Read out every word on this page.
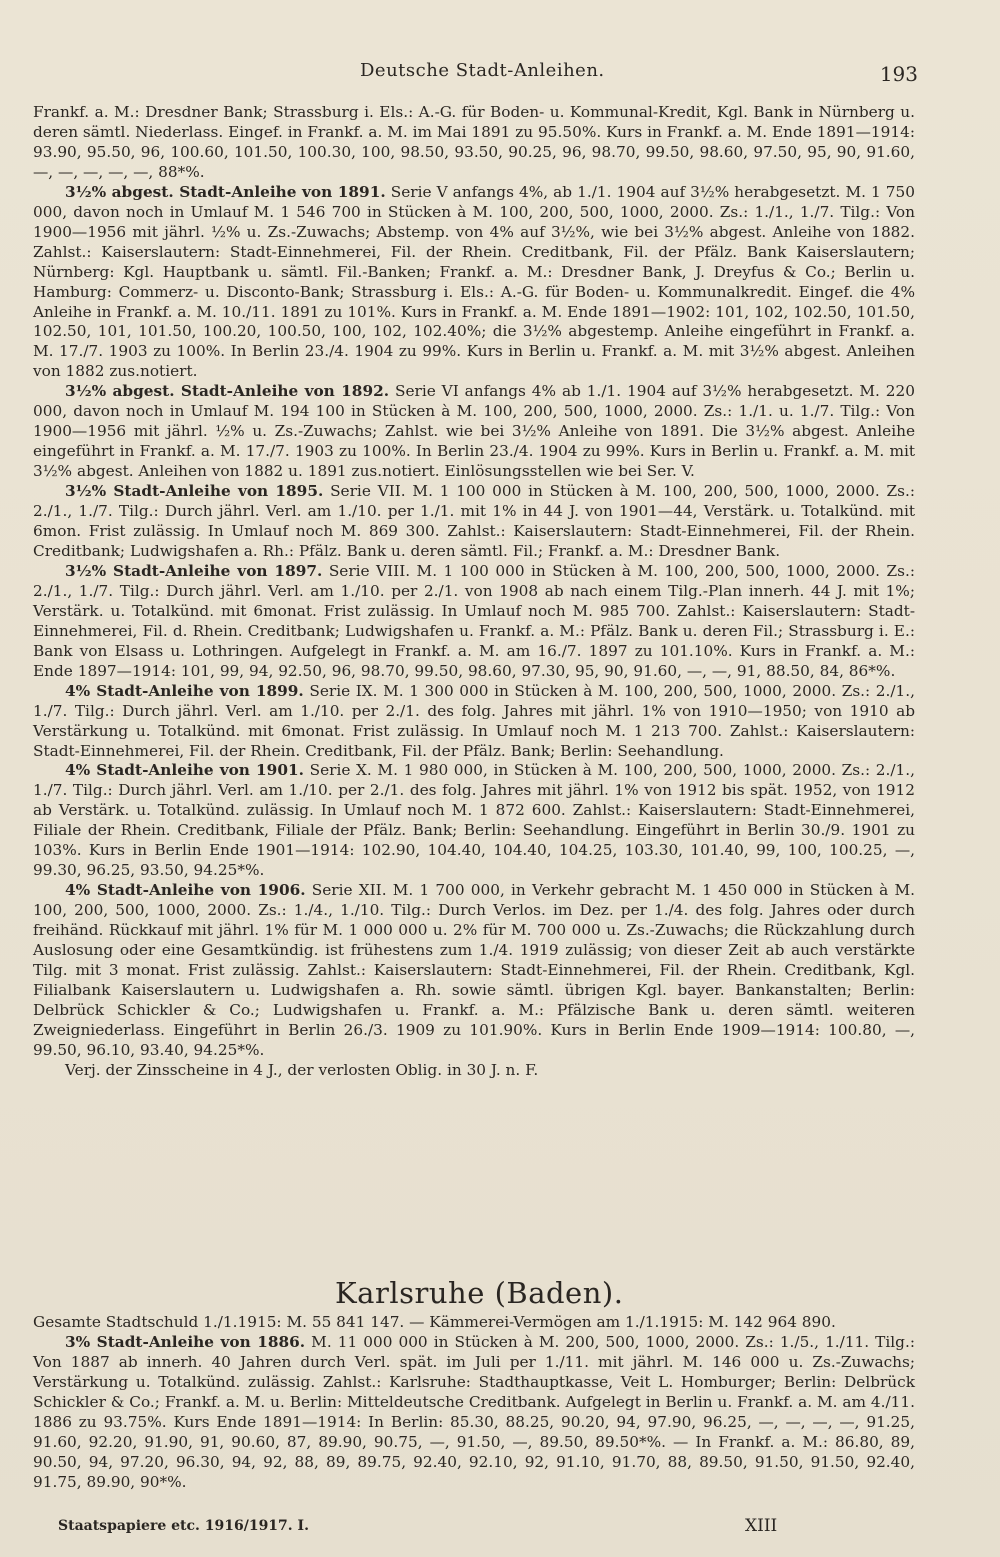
Deutsche Stadt-Anleihen.	193

Frankf. a. M.: Dresdner Bank; Strassburg i. Els.: A.-G. für Boden- u. Kommunal-Kredit, Kgl. Bank in Nürnberg u. deren sämtl. Niederlass. Eingef. in Frankf. a. M. im Mai 1891 zu 95.50%. Kurs in Frankf. a. M. Ende 1891—1914: 93.90, 95.50, 96, 100.60, 101.50, 100.30, 100, 98.50, 93.50, 90.25, 96, 98.70, 99.50, 98.60, 97.50, 95, 90, 91.60, —, —, —, —, —, 88*%.

3½% abgest. Stadt-Anleihe von 1891. Serie V anfangs 4%, ab 1./1. 1904 auf 3½% herabgesetzt. M. 1 750 000, davon noch in Umlauf M. 1 546 700 in Stücken à M. 100, 200, 500, 1000, 2000. Zs.: 1./1., 1./7. Tilg.: Von 1900—1956 mit jährl. ½% u. Zs.-Zuwachs; Abstemp. von 4% auf 3½%, wie bei 3½% abgest. Anleihe von 1882. Zahlst.: Kaiserslautern: Stadt-Einnehmerei, Fil. der Rhein. Creditbank, Fil. der Pfälz. Bank Kaiserslautern; Nürnberg: Kgl. Hauptbank u. sämtl. Fil.-Banken; Frankf. a. M.: Dresdner Bank, J. Dreyfus & Co.; Berlin u. Hamburg: Commerz- u. Disconto-Bank; Strassburg i. Els.: A.-G. für Boden- u. Kommunalkredit. Eingef. die 4% Anleihe in Frankf. a. M. 10./11. 1891 zu 101%. Kurs in Frankf. a. M. Ende 1891—1902: 101, 102, 102.50, 101.50, 102.50, 101, 101.50, 100.20, 100.50, 100, 102, 102.40%; die 3½% abgestemp. Anleihe eingeführt in Frankf. a. M. 17./7. 1903 zu 100%. In Berlin 23./4. 1904 zu 99%. Kurs in Berlin u. Frankf. a. M. mit 3½% abgest. Anleihen von 1882 zus.notiert.

3½% abgest. Stadt-Anleihe von 1892. Serie VI anfangs 4% ab 1./1. 1904 auf 3½% herabgesetzt. M. 220 000, davon noch in Umlauf M. 194 100 in Stücken à M. 100, 200, 500, 1000, 2000. Zs.: 1./1. u. 1./7. Tilg.: Von 1900—1956 mit jährl. ½% u. Zs.-Zuwachs; Zahlst. wie bei 3½% Anleihe von 1891. Die 3½% abgest. Anleihe eingeführt in Frankf. a. M. 17./7. 1903 zu 100%. In Berlin 23./4. 1904 zu 99%. Kurs in Berlin u. Frankf. a. M. mit 3½% abgest. Anleihen von 1882 u. 1891 zus.notiert. Einlösungsstellen wie bei Ser. V.

3½% Stadt-Anleihe von 1895. Serie VII. M. 1 100 000 in Stücken à M. 100, 200, 500, 1000, 2000. Zs.: 2./1., 1./7. Tilg.: Durch jährl. Verl. am 1./10. per 1./1. mit 1% in 44 J. von 1901—44, Verstärk. u. Totalkünd. mit 6mon. Frist zulässig. In Umlauf noch M. 869 300. Zahlst.: Kaiserslautern: Stadt-Einnehmerei, Fil. der Rhein. Creditbank; Ludwigshafen a. Rh.: Pfälz. Bank u. deren sämtl. Fil.; Frankf. a. M.: Dresdner Bank.

3½% Stadt-Anleihe von 1897. Serie VIII. M. 1 100 000 in Stücken à M. 100, 200, 500, 1000, 2000. Zs.: 2./1., 1./7. Tilg.: Durch jährl. Verl. am 1./10. per 2./1. von 1908 ab nach einem Tilg.-Plan innerh. 44 J. mit 1%; Verstärk. u. Totalkünd. mit 6monat. Frist zulässig. In Umlauf noch M. 985 700. Zahlst.: Kaiserslautern: Stadt-Einnehmerei, Fil. d. Rhein. Creditbank; Ludwigshafen u. Frankf. a. M.: Pfälz. Bank u. deren Fil.; Strassburg i. E.: Bank von Elsass u. Lothringen. Aufgelegt in Frankf. a. M. am 16./7. 1897 zu 101.10%. Kurs in Frankf. a. M.: Ende 1897—1914: 101, 99, 94, 92.50, 96, 98.70, 99.50, 98.60, 97.30, 95, 90, 91.60, —, —, 91, 88.50, 84, 86*%.

4% Stadt-Anleihe von 1899. Serie IX. M. 1 300 000 in Stücken à M. 100, 200, 500, 1000, 2000. Zs.: 2./1., 1./7. Tilg.: Durch jährl. Verl. am 1./10. per 2./1. des folg. Jahres mit jährl. 1% von 1910—1950; von 1910 ab Verstärkung u. Totalkünd. mit 6monat. Frist zulässig. In Umlauf noch M. 1 213 700. Zahlst.: Kaiserslautern: Stadt-Einnehmerei, Fil. der Rhein. Creditbank, Fil. der Pfälz. Bank; Berlin: Seehandlung.

4% Stadt-Anleihe von 1901. Serie X. M. 1 980 000, in Stücken à M. 100, 200, 500, 1000, 2000. Zs.: 2./1., 1./7. Tilg.: Durch jährl. Verl. am 1./10. per 2./1. des folg. Jahres mit jährl. 1% von 1912 bis spät. 1952, von 1912 ab Verstärk. u. Totalkünd. zulässig. In Umlauf noch M. 1 872 600. Zahlst.: Kaiserslautern: Stadt-Einnehmerei, Filiale der Rhein. Creditbank, Filiale der Pfälz. Bank; Berlin: Seehandlung. Eingeführt in Berlin 30./9. 1901 zu 103%. Kurs in Berlin Ende 1901—1914: 102.90, 104.40, 104.40, 104.25, 103.30, 101.40, 99, 100, 100.25, —, 99.30, 96.25, 93.50, 94.25*%.

4% Stadt-Anleihe von 1906. Serie XII. M. 1 700 000, in Verkehr gebracht M. 1 450 000 in Stücken à M. 100, 200, 500, 1000, 2000. Zs.: 1./4., 1./10. Tilg.: Durch Verlos. im Dez. per 1./4. des folg. Jahres oder durch freihänd. Rückkauf mit jährl. 1% für M. 1 000 000 u. 2% für M. 700 000 u. Zs.-Zuwachs; die Rückzahlung durch Auslosung oder eine Gesamtkündig. ist frühestens zum 1./4. 1919 zulässig; von dieser Zeit ab auch verstärkte Tilg. mit 3 monat. Frist zulässig. Zahlst.: Kaiserslautern: Stadt-Einnehmerei, Fil. der Rhein. Creditbank, Kgl. Filialbank Kaiserslautern u. Ludwigshafen a. Rh. sowie sämtl. übrigen Kgl. bayer. Bankanstalten; Berlin: Delbrück Schickler & Co.; Ludwigshafen u. Frankf. a. M.: Pfälzische Bank u. deren sämtl. weiteren Zweigniederlass. Eingeführt in Berlin 26./3. 1909 zu 101.90%. Kurs in Berlin Ende 1909—1914: 100.80, —, 99.50, 96.10, 93.40, 94.25*%.

Verj. der Zinsscheine in 4 J., der verlosten Oblig. in 30 J. n. F.

Karlsruhe (Baden).

Gesamte Stadtschuld 1./1.1915: M. 55 841 147. — Kämmerei-Vermögen am 1./1.1915: M. 142 964 890.

3% Stadt-Anleihe von 1886. M. 11 000 000 in Stücken à M. 200, 500, 1000, 2000. Zs.: 1./5., 1./11. Tilg.: Von 1887 ab innerh. 40 Jahren durch Verl. spät. im Juli per 1./11. mit jährl. M. 146 000 u. Zs.-Zuwachs; Verstärkung u. Totalkünd. zulässig. Zahlst.: Karlsruhe: Stadthauptkasse, Veit L. Homburger; Berlin: Delbrück Schickler & Co.; Frankf. a. M. u. Berlin: Mitteldeutsche Creditbank. Aufgelegt in Berlin u. Frankf. a. M. am 4./11. 1886 zu 93.75%. Kurs Ende 1891—1914: In Berlin: 85.30, 88.25, 90.20, 94, 97.90, 96.25, —, —, —, —, 91.25, 91.60, 92.20, 91.90, 91, 90.60, 87, 89.90, 90.75, —, 91.50, —, 89.50, 89.50*%. — In Frankf. a. M.: 86.80, 89, 90.50, 94, 97.20, 96.30, 94, 92, 88, 89, 89.75, 92.40, 92.10, 92, 91.10, 91.70, 88, 89.50, 91.50, 91.50, 92.40, 91.75, 89.90, 90*%.

Staatspapiere etc. 1916/1917. I.	XIII
